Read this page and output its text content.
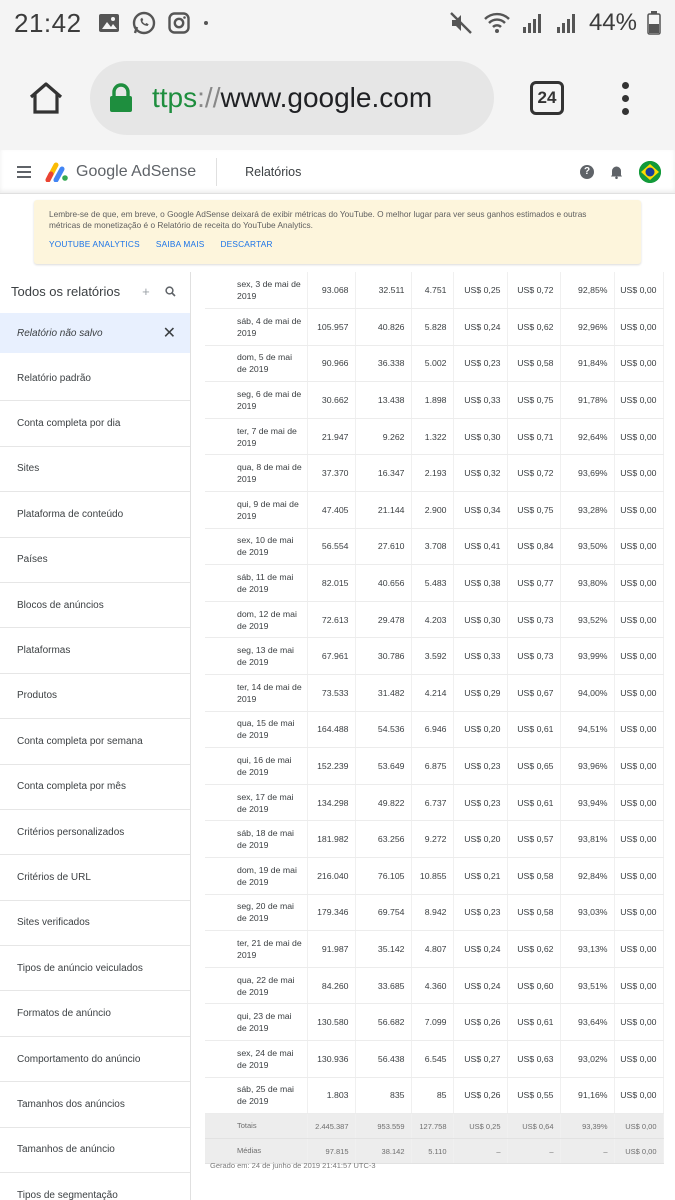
21:42	44%
ttps://www.google.com	24
Google AdSense	Relatórios	?

Lembre-se de que, em breve, o Google AdSense deixará de exibir métricas do YouTube. O melhor lugar para ver seus ganhos estimados e outras métricas de monetização é o Relatório de receita do YouTube Analytics.

YOUTUBE ANALYTICS SAIBA MAIS DESCARTAR
Todos os relatórios +
Relatório não salvo	✕
Relatório padrão
Conta completa por dia
Sites
Plataforma de conteúdo
Países
Blocos de anúncios
Plataformas
Produtos
Conta completa por semana
Conta completa por mês
Critérios personalizados
Critérios de URL
Sites verificados
Tipos de anúncio veiculados
Formatos de anúncio
Comportamento do anúncio
Tamanhos dos anúncios
Tamanhos de anúncio
Tipos de segmentação
sex, 3 de mai de 2019	93.068	32.511	4.751	US$ 0,25	US$ 0,72	92,85%	US$ 0,00
sáb, 4 de mai de 2019	105.957	40.826	5.828	US$ 0,24	US$ 0,62	92,96%	US$ 0,00
dom, 5 de mai de 2019	90.966	36.338	5.002	US$ 0,23	US$ 0,58	91,84%	US$ 0,00
seg, 6 de mai de 2019	30.662	13.438	1.898	US$ 0,33	US$ 0,75	91,78%	US$ 0,00
ter, 7 de mai de 2019	21.947	9.262	1.322	US$ 0,30	US$ 0,71	92,64%	US$ 0,00
qua, 8 de mai de 2019	37.370	16.347	2.193	US$ 0,32	US$ 0,72	93,69%	US$ 0,00
qui, 9 de mai de 2019	47.405	21.144	2.900	US$ 0,34	US$ 0,75	93,28%	US$ 0,00
sex, 10 de mai de 2019	56.554	27.610	3.708	US$ 0,41	US$ 0,84	93,50%	US$ 0,00
sáb, 11 de mai de 2019	82.015	40.656	5.483	US$ 0,38	US$ 0,77	93,80%	US$ 0,00
dom, 12 de mai de 2019	72.613	29.478	4.203	US$ 0,30	US$ 0,73	93,52%	US$ 0,00
seg, 13 de mai de 2019	67.961	30.786	3.592	US$ 0,33	US$ 0,73	93,99%	US$ 0,00
ter, 14 de mai de 2019	73.533	31.482	4.214	US$ 0,29	US$ 0,67	94,00%	US$ 0,00
qua, 15 de mai de 2019	164.488	54.536	6.946	US$ 0,20	US$ 0,61	94,51%	US$ 0,00
qui, 16 de mai de 2019	152.239	53.649	6.875	US$ 0,23	US$ 0,65	93,96%	US$ 0,00
sex, 17 de mai de 2019	134.298	49.822	6.737	US$ 0,23	US$ 0,61	93,94%	US$ 0,00
sáb, 18 de mai de 2019	181.982	63.256	9.272	US$ 0,20	US$ 0,57	93,81%	US$ 0,00
dom, 19 de mai de 2019	216.040	76.105	10.855	US$ 0,21	US$ 0,58	92,84%	US$ 0,00
seg, 20 de mai de 2019	179.346	69.754	8.942	US$ 0,23	US$ 0,58	93,03%	US$ 0,00
ter, 21 de mai de 2019	91.987	35.142	4.807	US$ 0,24	US$ 0,62	93,13%	US$ 0,00
qua, 22 de mai de 2019	84.260	33.685	4.360	US$ 0,24	US$ 0,60	93,51%	US$ 0,00
qui, 23 de mai de 2019	130.580	56.682	7.099	US$ 0,26	US$ 0,61	93,64%	US$ 0,00
sex, 24 de mai de 2019	130.936	56.438	6.545	US$ 0,27	US$ 0,63	93,02%	US$ 0,00
sáb, 25 de mai de 2019	1.803	835	85	US$ 0,26	US$ 0,55	91,16%	US$ 0,00
Totais	2.445.387	953.559	127.758	US$ 0,25	US$ 0,64	93,39%	US$ 0,00
Médias	97.815	38.142	5.110	–	–	–	US$ 0,00
Gerado em: 24 de junho de 2019 21:41:57 UTC-3
